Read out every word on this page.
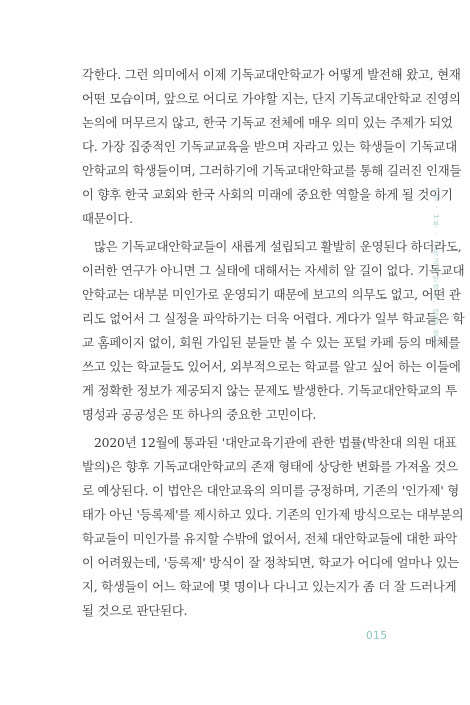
각한다. 그런 의미에서 이제 기독교대안학교가 어떻게 발전해 왔고, 현재
어떤 모습이며, 앞으로 어디로 가야할 지는, 단지 기독교대안학교 진영의
논의에 머무르지 않고, 한국 기독교 전체에 매우 의미 있는 주제가 되었
다. 가장 집중적인 기독교교육을 받으며 자라고 있는 학생들이 기독교대
안학교의 학생들이며, 그러하기에 기독교대안학교를 통해 길러진 인재들
이 향후 한국 교회와 한국 사회의 미래에 중요한 역할을 하게 될 것이기
때문이다.
많은 기독교대안학교들이 새롭게 설립되고 활발히 운영된다 하더라도,
이러한 연구가 아니면 그 실태에 대해서는 자세히 알 길이 없다. 기독교대
안학교는 대부분 미인가로 운영되기 때문에 보고의 의무도 없고, 어떤 관
리도 없어서 그 실정을 파악하기는 더욱 어렵다. 게다가 일부 학교들은 학
교 홈페이지 없이, 회원 가입된 분들만 볼 수 있는 포털 카페 등의 매체를
쓰고 있는 학교들도 있어서, 외부적으로는 학교를 알고 싶어 하는 이들에
게 정확한 정보가 제공되지 않는 문제도 발생한다. 기독교대안학교의 투
명성과 공공성은 또 하나의 중요한 고민이다.
2020년 12월에 통과된 '대안교육기관에 관한 법률(박찬대 의원 대표
발의)은 향후 기독교대안학교의 존재 형태에 상당한 변화를 가져올 것으
로 예상된다. 이 법안은 대안교육의 의미를 긍정하며, 기존의 '인가제' 형
태가 아닌 '등록제'를 제시하고 있다. 기존의 인가제 방식으로는 대부분의
학교들이 미인가를 유지할 수밖에 없어서, 전체 대안학교들에 대한 파악
이 어려웠는데, '등록제' 방식이 잘 정착되면, 학교가 어디에 얼마나 있는
지, 학생들이 어느 학교에 몇 명이나 다니고 있는지가 좀 더 잘 드러나게
될 것으로 판단된다.
1장 · 1부 · 기독교대안학교, 방향 찾기
015
